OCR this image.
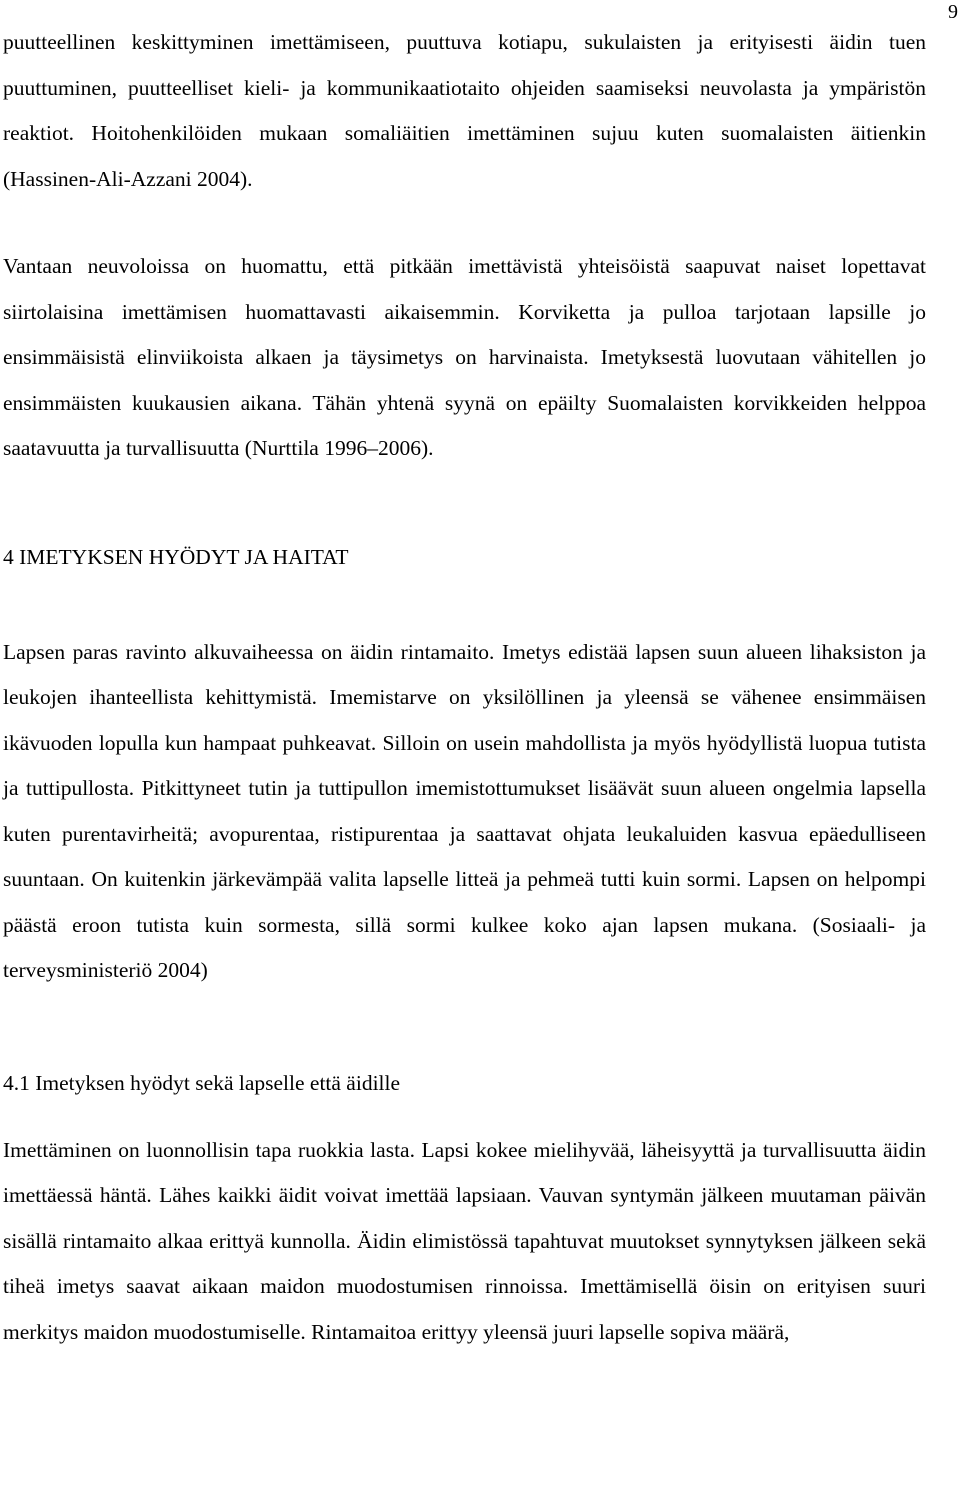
9

puutteellinen keskittyminen imettämiseen, puuttuva kotiapu, sukulaisten ja erityisesti äidin tuen puuttuminen, puutteelliset kieli- ja kommunikaatiotaito ohjeiden saamiseksi neuvolasta ja ympäristön reaktiot. Hoitohenkilöiden mukaan somaliäitien imettäminen sujuu kuten suomalaisten äitienkin (Hassinen-Ali-Azzani 2004).

Vantaan neuvoloissa on huomattu, että pitkään imettävistä yhteisöistä saapuvat naiset lopettavat siirtolaisina imettämisen huomattavasti aikaisemmin. Korviketta ja pulloa tarjotaan lapsille jo ensimmäisistä elinviikoista alkaen ja täysimetys on harvinaista. Imetyksestä luovutaan vähitellen jo ensimmäisten kuukausien aikana. Tähän yhtenä syynä on epäilty Suomalaisten korvikkeiden helppoa saatavuutta ja turvallisuutta (Nurttila 1996–2006).

4 IMETYKSEN HYÖDYT JA HAITAT

Lapsen paras ravinto alkuvaiheessa on äidin rintamaito. Imetys edistää lapsen suun alueen lihaksiston ja leukojen ihanteellista kehittymistä. Imemistarve on yksilöllinen ja yleensä se vähenee ensimmäisen ikävuoden lopulla kun hampaat puhkeavat. Silloin on usein mahdollista ja myös hyödyllistä luopua tutista ja tuttipullosta. Pitkittyneet tutin ja tuttipullon imemistottumukset lisäävät suun alueen ongelmia lapsella kuten purentavirheitä; avopurentaa, ristipurentaa ja saattavat ohjata leukaluiden kasvua epäedulliseen suuntaan. On kuitenkin järkevämpää valita lapselle litteä ja pehmeä tutti kuin sormi. Lapsen on helpompi päästä eroon tutista kuin sormesta, sillä sormi kulkee koko ajan lapsen mukana. (Sosiaali- ja terveysministeriö 2004)

4.1 Imetyksen hyödyt sekä lapselle että äidille

Imettäminen on luonnollisin tapa ruokkia lasta. Lapsi kokee mielihyvää, läheisyyttä ja turvallisuutta äidin imettäessä häntä. Lähes kaikki äidit voivat imettää lapsiaan. Vauvan syntymän jälkeen muutaman päivän sisällä rintamaito alkaa erittyä kunnolla. Äidin elimistössä tapahtuvat muutokset synnytyksen jälkeen sekä tiheä imetys saavat aikaan maidon muodostumisen rinnoissa. Imettämisellä öisin on erityisen suuri merkitys maidon muodostumiselle. Rintamaitoa erittyy yleensä juuri lapselle sopiva määrä,
